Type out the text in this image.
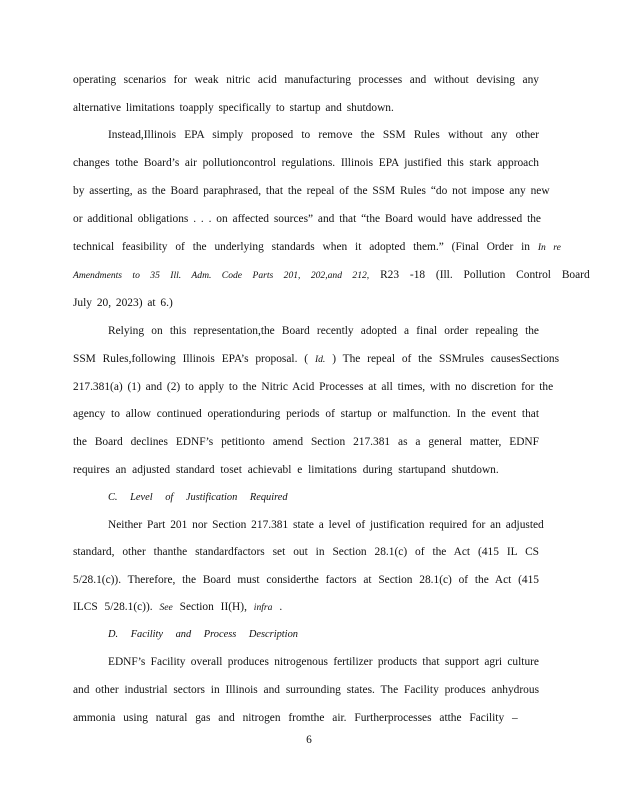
operating scenarios for weak nitric acid manufacturing processes and without devising any
alternative limitations toapply specifically to startup and shutdown.
Instead,Illinois EPA simply proposed to remove the SSM Rules without any other
changes tothe Board’s air pollutioncontrol regulations. Illinois EPA justified this stark approach
by asserting, as the Board paraphrased, that the repeal of the SSM Rules “do not impose any new
or additional obligations . . . on affected sources” and that “the Board would have addressed the
technical feasibility of the underlying standards when it adopted them.” (Final Order in In re
Amendments to 35 Ill. Adm. Code Parts 201, 202,and 212, R23 -18 (Ill. Pollution Control Board
July 20, 2023) at 6.)
Relying on this representation,the Board recently adopted a final order repealing the
SSM Rules,following Illinois EPA’s proposal. ( Id. ) The repeal of the SSMrules causesSections
217.381(a) (1) and (2) to apply to the Nitric Acid Processes at all times, with no discretion for the
agency to allow continued operationduring periods of startup or malfunction. In the event that
the Board declines EDNF’s petitionto amend Section 217.381 as a general matter, EDNF
requires an adjusted standard toset achievabl e limitations during startupand shutdown.
C. Level of Justification Required
Neither Part 201 nor Section 217.381 state a level of justification required for an adjusted
standard, other thanthe standardfactors set out in Section 28.1(c) of the Act (415 IL CS
5/28.1(c)). Therefore, the Board must considerthe factors at Section 28.1(c) of the Act (415
ILCS 5/28.1(c)). See Section II(H), infra .
D. Facility and Process Description
EDNF’s Facility overall produces nitrogenous fertilizer products that support agri culture
and other industrial sectors in Illinois and surrounding states. The Facility produces anhydrous
ammonia using natural gas and nitrogen fromthe air. Furtherprocesses atthe Facility –
6
